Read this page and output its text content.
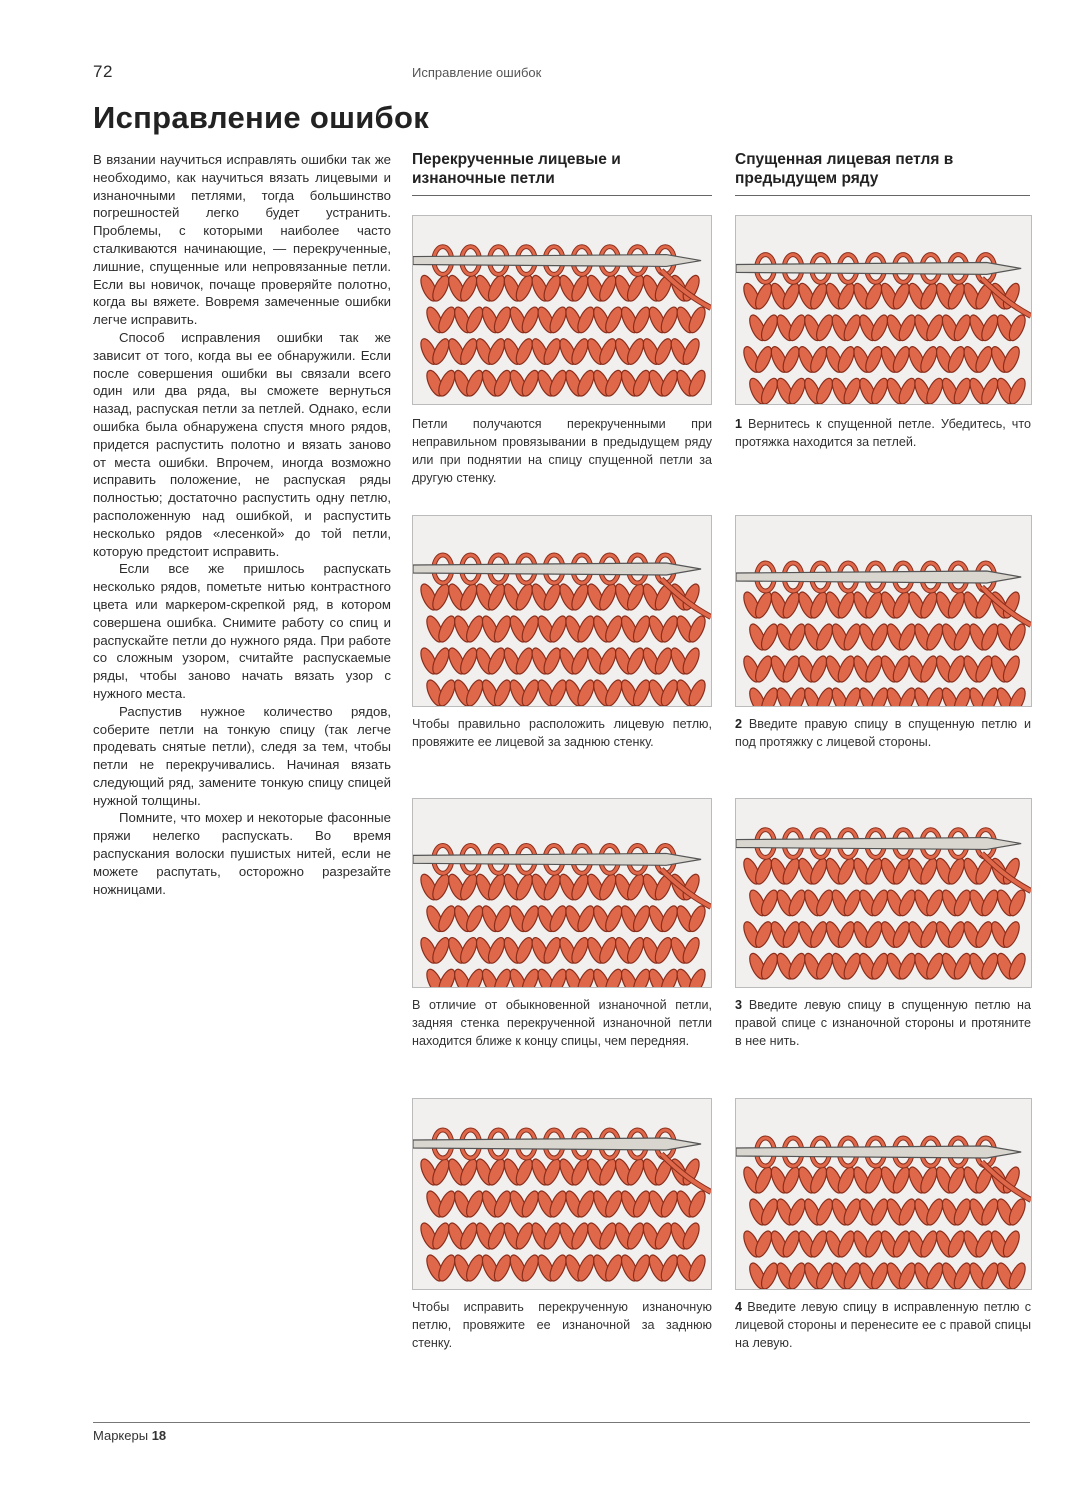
72	Исправление ошибок
Исправление ошибок

В вязании научиться исправлять ошибки так же необходимо, как научиться вязать лицевыми и изнаночными петлями, тогда большинство погрешностей легко будет устранить. Проблемы, с которыми наиболее часто сталкиваются начинающие, — перекрученные, лишние, спущенные или непровязанные петли. Если вы новичок, почаще проверяйте полотно, когда вы вяжете. Вовремя замеченные ошибки легче исправить.

Способ исправления ошибки так же зависит от того, когда вы ее обнаружили. Если после совершения ошибки вы связали всего один или два ряда, вы сможете вернуться назад, распуская петли за петлей. Однако, если ошибка была обнаружена спустя много рядов, придется распустить полотно и вязать заново от места ошибки. Впрочем, иногда возможно исправить положение, не распуская ряды полностью; достаточно распустить одну петлю, расположенную над ошибкой, и распустить несколько рядов «лесенкой» до той петли, которую предстоит исправить.

Если все же пришлось распускать несколько рядов, пометьте нитью контрастного цвета или маркером-скрепкой ряд, в котором совершена ошибка. Снимите работу со спиц и распускайте петли до нужного ряда. При работе со сложным узором, считайте распускаемые ряды, чтобы заново начать вязать узор с нужного места.

Распустив нужное количество рядов, соберите петли на тонкую спицу (так легче продевать снятые петли), следя за тем, чтобы петли не перекручивались. Начиная вязать следующий ряд, замените тонкую спицу спицей нужной толщины.

Помните, что мохер и некоторые фасонные пряжи нелегко распускать. Во время распускания волоски пушистых нитей, если не можете распутать, осторожно разрезайте ножницами.

Перекрученные лицевые и изнаночные петли
Спущенная лицевая петля в предыдущем ряду
Петли получаются перекрученными при неправильном провязывании в предыдущем ряду или при поднятии на спицу спущенной петли за другую стенку.
Чтобы правильно расположить лицевую петлю, провяжите ее лицевой за заднюю стенку.
В отличие от обыкновенной изнаночной петли, задняя стенка перекрученной изнаночной петли находится ближе к концу спицы, чем передняя.
Чтобы исправить перекрученную изнаночную петлю, провяжите ее изнаночной за заднюю стенку.
1 Вернитесь к спущенной петле. Убедитесь, что протяжка находится за петлей.
2 Введите правую спицу в спущенную петлю и под протяжку с лицевой стороны.
3 Введите левую спицу в спущенную петлю на правой спице с изнаночной стороны и протяните в нее нить.
4 Введите левую спицу в исправленную петлю с лицевой стороны и перенесите ее с правой спицы на левую.
Маркеры 18
